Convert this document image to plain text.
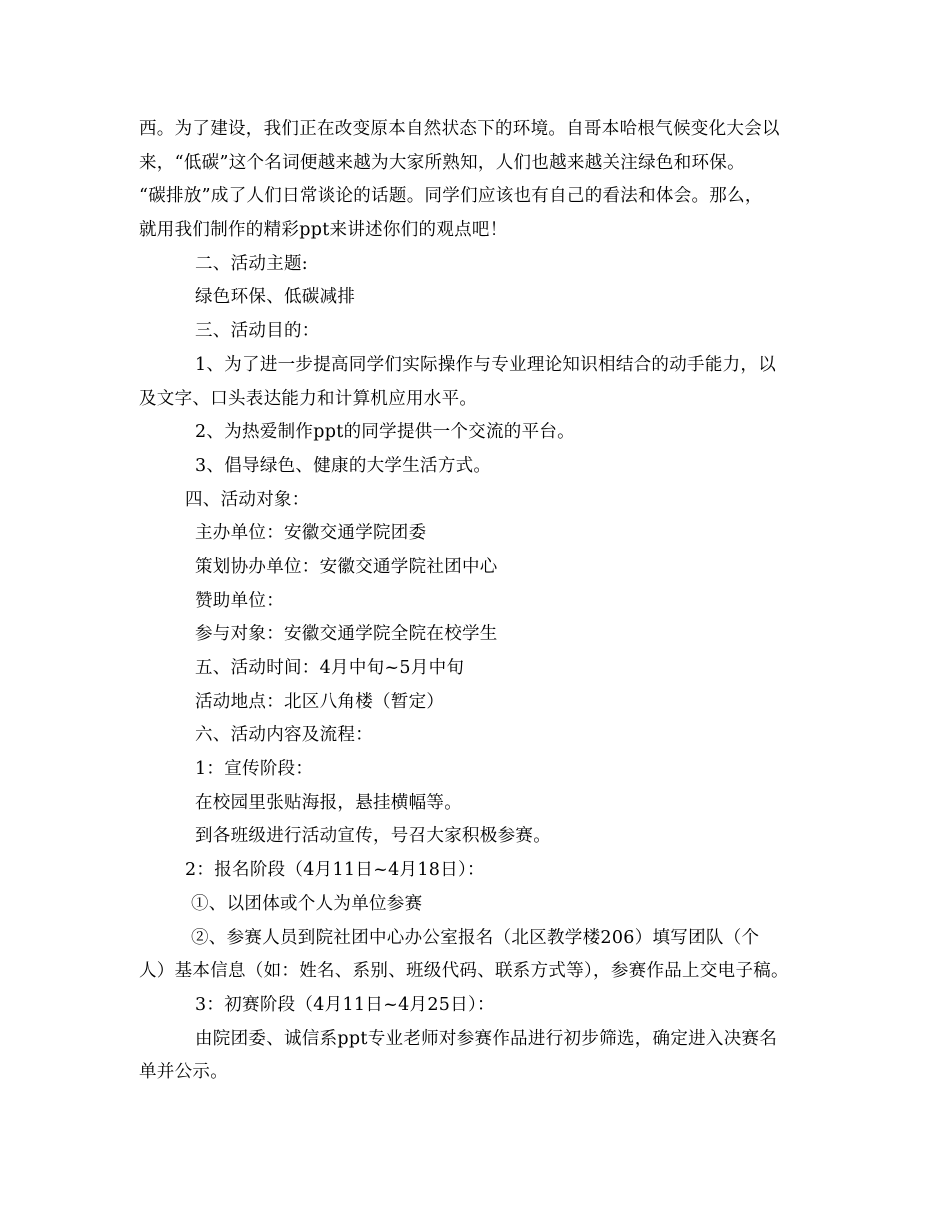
西。为了建设，我们正在改变原本自然状态下的环境。自哥本哈根气候变化大会以
来，“低碳”这个名词便越来越为大家所熟知，人们也越来越关注绿色和环保。
“碳排放”成了人们日常谈论的话题。同学们应该也有自己的看法和体会。那么，
就用我们制作的精彩ppt来讲述你们的观点吧！
二、活动主题:
绿色环保、低碳减排
三、活动目的：
1、为了进一步提高同学们实际操作与专业理论知识相结合的动手能力，以
及文字、口头表达能力和计算机应用水平。
2、为热爱制作ppt的同学提供一个交流的平台。
3、倡导绿色、健康的大学生活方式。
四、活动对象：
主办单位：安徽交通学院团委
策划协办单位：安徽交通学院社团中心
赞助单位：
参与对象：安徽交通学院全院在校学生
五、活动时间：4月中旬~5月中旬
活动地点：北区八角楼（暂定）
六、活动内容及流程：
1：宣传阶段：
在校园里张贴海报，悬挂横幅等。
到各班级进行活动宣传，号召大家积极参赛。
2：报名阶段（4月11日~4月18日）：
①、以团体或个人为单位参赛
②、参赛人员到院社团中心办公室报名（北区教学楼206）填写团队（个
人）基本信息（如：姓名、系别、班级代码、联系方式等），参赛作品上交电子稿。
3：初赛阶段（4月11日~4月25日）：
由院团委、诚信系ppt专业老师对参赛作品进行初步筛选，确定进入决赛名
单并公示。
